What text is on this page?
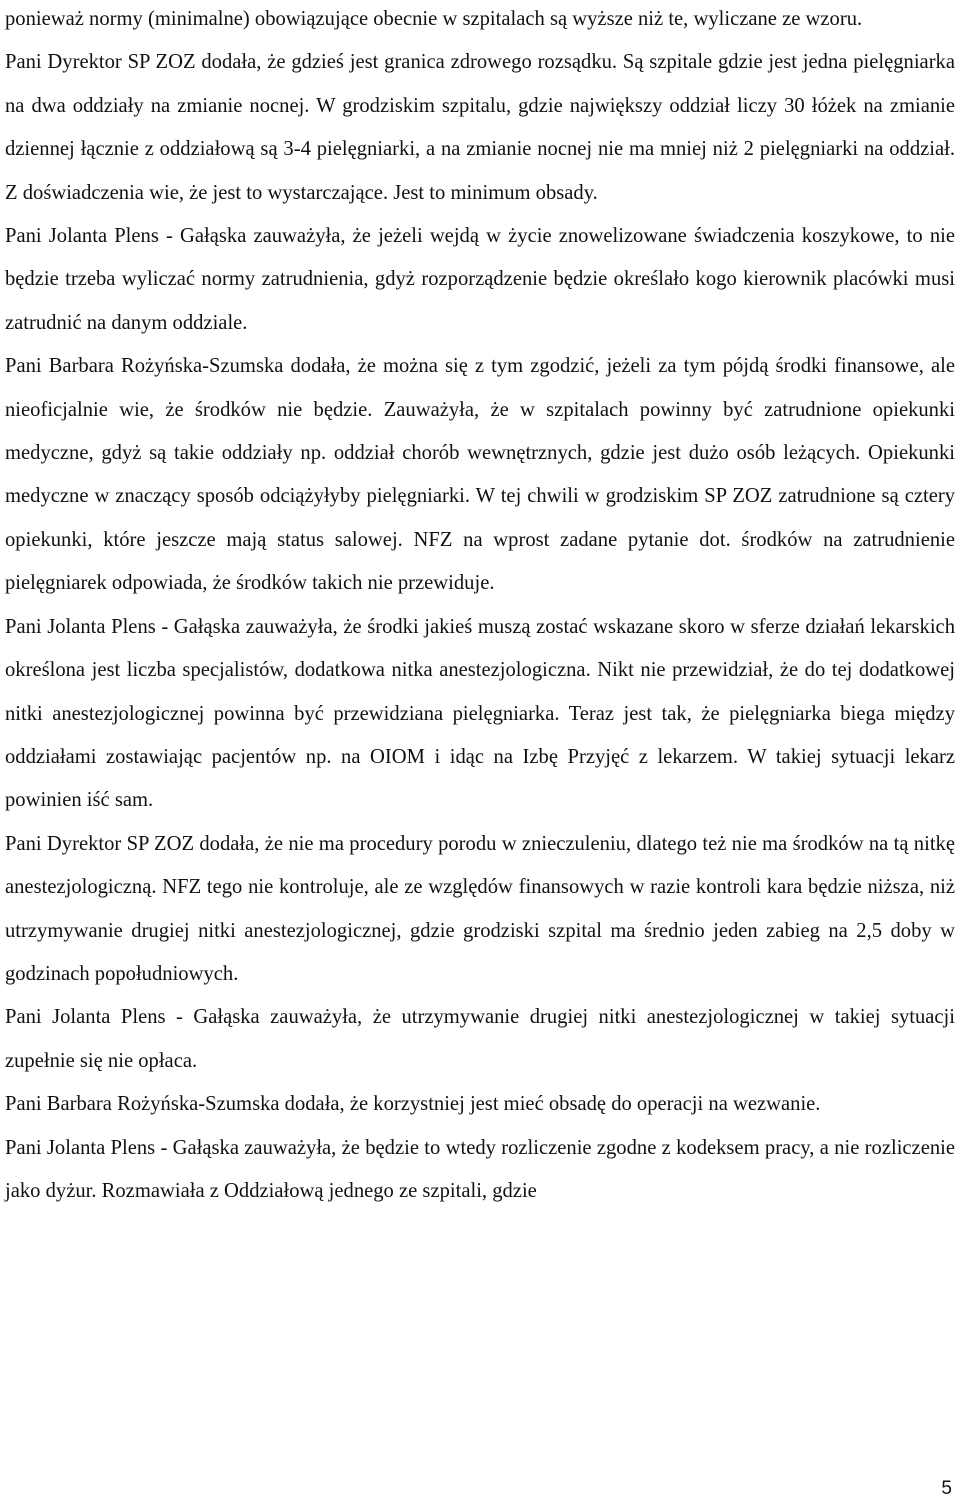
ponieważ normy (minimalne) obowiązujące obecnie w szpitalach są wyższe niż te, wyliczane ze wzoru.

Pani Dyrektor SP ZOZ dodała, że gdzieś jest granica zdrowego rozsądku. Są szpitale gdzie jest jedna pielęgniarka na dwa oddziały na zmianie nocnej. W grodziskim szpitalu, gdzie największy oddział liczy 30 łóżek na zmianie dziennej łącznie z oddziałową są 3-4 pielęgniarki, a na zmianie nocnej nie ma mniej niż 2 pielęgniarki na oddział. Z doświadczenia wie, że jest to wystarczające. Jest to minimum obsady.

Pani Jolanta Plens - Gałąska zauważyła, że jeżeli wejdą w życie znowelizowane świadczenia koszykowe, to nie będzie trzeba wyliczać normy zatrudnienia, gdyż rozporządzenie będzie określało kogo kierownik placówki musi zatrudnić na danym oddziale.

Pani Barbara Rożyńska-Szumska dodała, że można się z tym zgodzić, jeżeli za tym pójdą środki finansowe, ale nieoficjalnie wie, że środków nie będzie. Zauważyła, że w szpitalach powinny być zatrudnione opiekunki medyczne, gdyż są takie oddziały np. oddział chorób wewnętrznych, gdzie jest dużo osób leżących. Opiekunki medyczne w znaczący sposób odciążyłyby pielęgniarki. W tej chwili w grodziskim SP ZOZ zatrudnione są cztery opiekunki, które jeszcze mają status salowej. NFZ na wprost zadane pytanie dot. środków na zatrudnienie pielęgniarek odpowiada, że środków takich nie przewiduje.

Pani Jolanta Plens - Gałąska zauważyła, że środki jakieś muszą zostać wskazane skoro w sferze działań lekarskich określona jest liczba specjalistów, dodatkowa nitka anestezjologiczna. Nikt nie przewidział, że do tej dodatkowej nitki anestezjologicznej powinna być przewidziana pielęgniarka. Teraz jest tak, że pielęgniarka biega między oddziałami zostawiając pacjentów np. na OIOM i idąc na Izbę Przyjęć z lekarzem. W takiej sytuacji lekarz powinien iść sam.

Pani Dyrektor SP ZOZ dodała, że nie ma procedury porodu w znieczuleniu, dlatego też nie ma środków na tą nitkę anestezjologiczną. NFZ tego nie kontroluje, ale ze względów finansowych w razie kontroli kara będzie niższa, niż utrzymywanie drugiej nitki anestezjologicznej, gdzie grodziski szpital ma średnio jeden zabieg na 2,5 doby w godzinach popołudniowych.

Pani Jolanta Plens - Gałąska zauważyła, że utrzymywanie drugiej nitki anestezjologicznej w takiej sytuacji zupełnie się nie opłaca.

Pani Barbara Rożyńska-Szumska dodała, że korzystniej jest mieć obsadę do operacji na wezwanie.

Pani Jolanta Plens - Gałąska zauważyła, że będzie to wtedy rozliczenie zgodne z kodeksem pracy, a nie rozliczenie jako dyżur. Rozmawiała z Oddziałową jednego ze szpitali, gdzie

5
